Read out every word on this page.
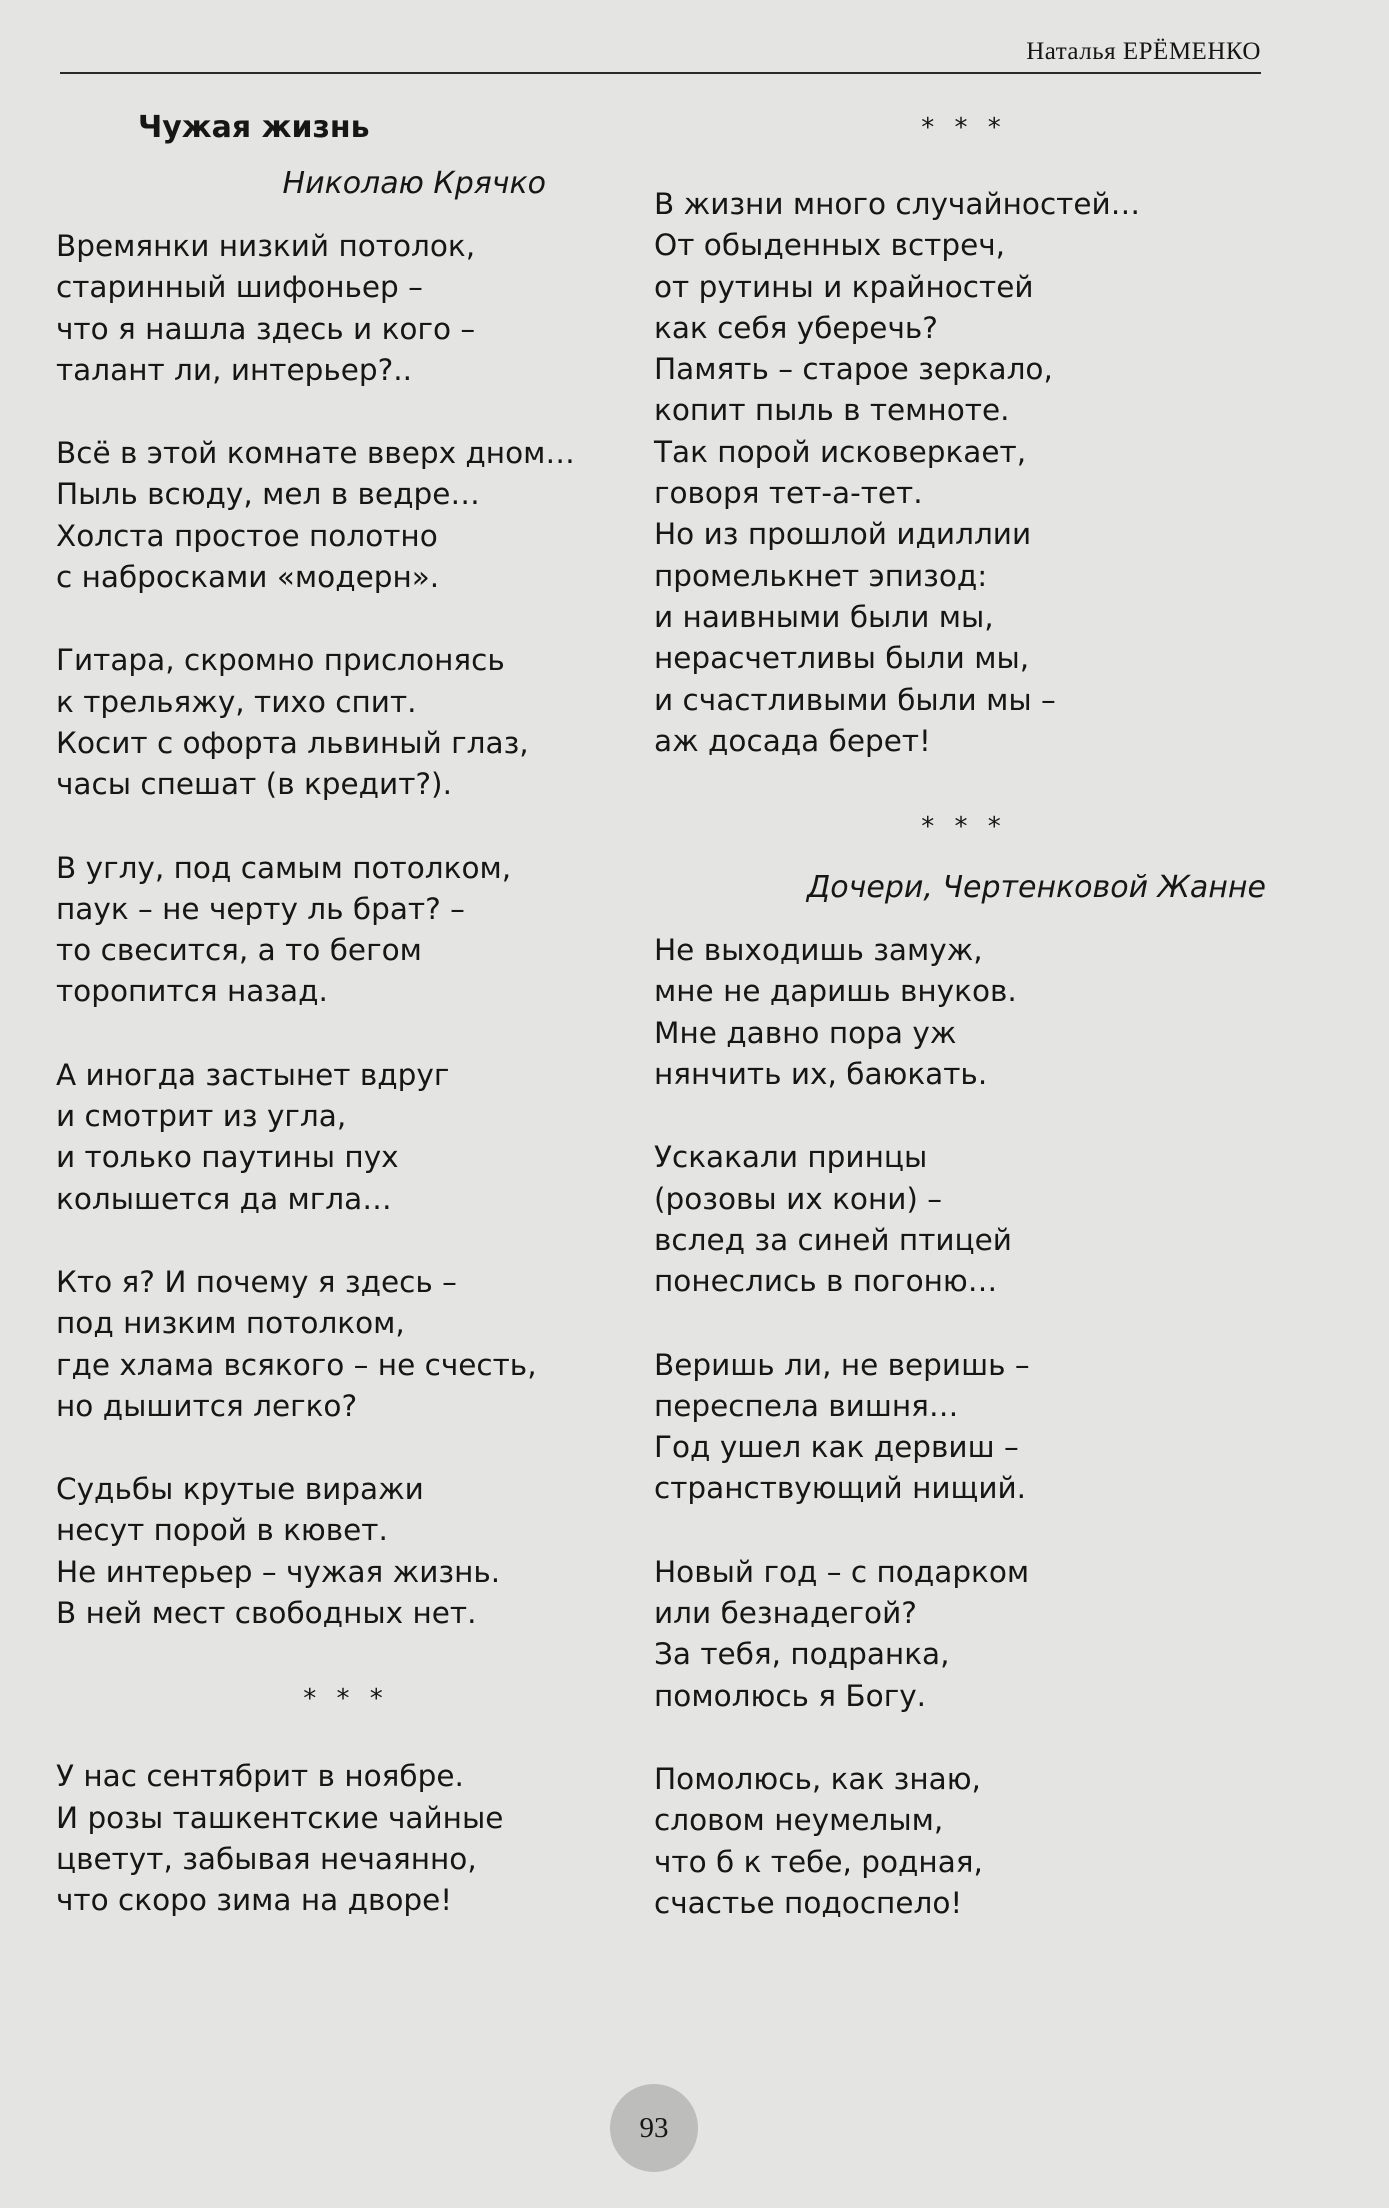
Наталья ЕРЁМЕНКО
Чужая жизнь
Николаю Крячко
Времянки низкий потолок,
старинный шифоньер –
что я нашла здесь и кого –
талант ли, интерьер?..
Всё в этой комнате вверх дном…
Пыль всюду, мел в ведре…
Холста простое полотно
с набросками «модерн».
Гитара, скромно прислонясь
к трельяжу, тихо спит.
Косит с офорта львиный глаз,
часы спешат (в кредит?).
В углу, под самым потолком,
паук – не черту ль брат? –
то свесится, а то бегом
торопится назад.
А иногда застынет вдруг
и смотрит из угла,
и только паутины пух
колышется да мгла…
Кто я? И почему я здесь –
под низким потолком,
где хлама всякого – не счесть,
но дышится легко?
Судьбы крутые виражи
несут порой в кювет.
Не интерьер – чужая жизнь.
В ней мест свободных нет.
* * *
У нас сентябрит в ноябре.
И розы ташкентские чайные
цветут, забывая нечаянно,
что скоро зима на дворе!
* * *
В жизни много случайностей…
От обыденных встреч,
от рутины и крайностей
как себя уберечь?
Память – старое зеркало,
копит пыль в темноте.
Так порой исковеркает,
говоря тет-а-тет.
Но из прошлой идиллии
промелькнет эпизод:
и наивными были мы,
нерасчетливы были мы,
и счастливыми были мы –
аж досада берет!
* * *
Дочери, Чертенковой Жанне
Не выходишь замуж,
мне не даришь внуков.
Мне давно пора уж
нянчить их, баюкать.
Ускакали принцы
(розовы их кони) –
вслед за синей птицей
понеслись в погоню…
Веришь ли, не веришь –
переспела вишня…
Год ушел как дервиш –
странствующий нищий.
Новый год – с подарком
или безнадегой?
За тебя, подранка,
помолюсь я Богу.
Помолюсь, как знаю,
словом неумелым,
что б к тебе, родная,
счастье подоспело!
93
